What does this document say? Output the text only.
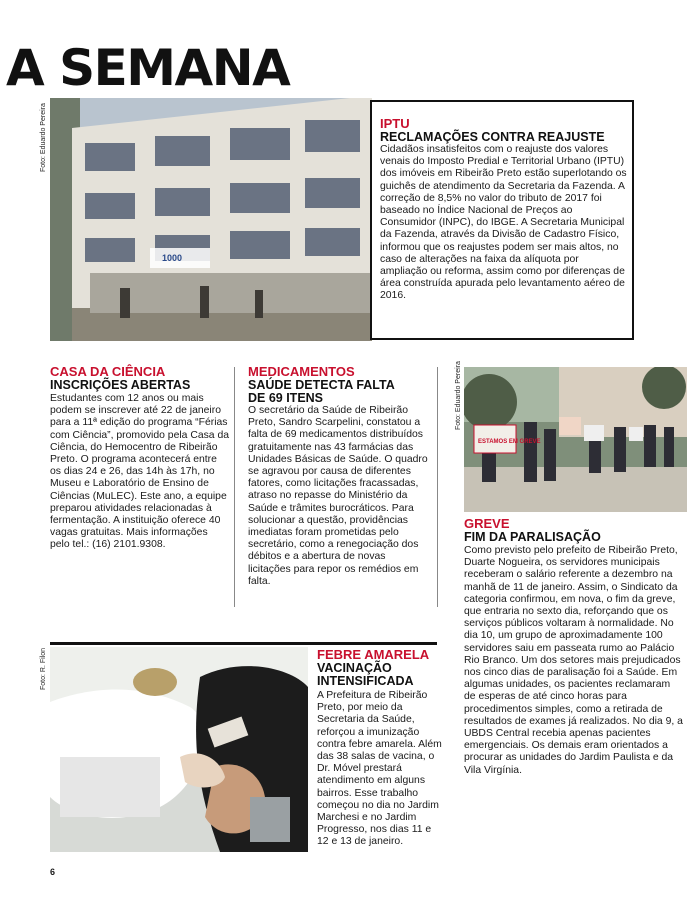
A SEMANA
Foto: Eduardo Pereira
1000
IPTU
RECLAMAÇÕES CONTRA REAJUSTE
Cidadãos insatisfeitos com o reajuste dos valores venais do Imposto Predial e Territorial Urbano (IPTU) dos imóveis em Ribeirão Preto estão superlotando os guichês de atendimento da Secretaria da Fazenda. A correção de 8,5% no valor do tributo de 2017 foi baseado no Índice Nacional de Preços ao Consumidor (INPC), do IBGE. A Secretaria Municipal da Fazenda, através da Divisão de Cadastro Físico, informou que os reajustes podem ser mais altos, no caso de alterações na faixa da alíquota por ampliação ou reforma, assim como por diferenças de área construída apurada pelo levantamento aéreo de 2016.
CASA DA CIÊNCIA
INSCRIÇÕES ABERTAS
Estudantes com 12 anos ou mais podem se inscrever até 22 de janeiro para a 11ª edição do programa “Férias com Ciência”, promovido pela Casa da Ciência, do Hemocentro de Ribeirão Preto. O programa acontecerá entre os dias 24 e 26, das 14h às 17h, no Museu e Laboratório de Ensino de Ciências (MuLEC). Este ano, a equipe preparou atividades relacionadas à fermentação. A instituição oferece 40 vagas gratuitas. Mais informações pelo tel.: (16) 2101.9308.
MEDICAMENTOS
SAÚDE DETECTA FALTA DE 69 ITENS
O secretário da Saúde de Ribeirão Preto, Sandro Scarpelini, constatou a falta de 69 medicamentos distribuídos gratuitamente nas 43 farmácias das Unidades Básicas de Saúde. O quadro se agravou por causa de diferentes fatores, como licitações fracassadas, atraso no repasse do Ministério da Saúde e trâmites burocráticos. Para solucionar a questão, providências imediatas foram prometidas pelo secretário, como a renegociação dos débitos e a abertura de novas licitações para repor os remédios em falta.
Foto: Eduardo Pereira
ESTAMOS EM GREVE
GREVE
FIM DA PARALISAÇÃO
Como previsto pelo prefeito de Ribeirão Preto, Duarte Nogueira, os servidores municipais receberam o salário referente a dezembro na manhã de 11 de janeiro. Assim, o Sindicato da categoria confirmou, em nova, o fim da greve, que entraria no sexto dia, reforçando que os serviços públicos voltaram à normalidade. No dia 10, um grupo de aproximadamente 100 servidores saiu em passeata rumo ao Palácio Rio Branco. Um dos setores mais prejudicados nos cinco dias de paralisação foi a Saúde. Em algumas unidades, os pacientes reclamaram de esperas de até cinco horas para procedimentos simples, como a retirada de resultados de exames já realizados. No dia 9, a UBDS Central recebia apenas pacientes emergenciais. Os demais eram orientados a procurar as unidades do Jardim Paulista e da Vila Virgínia.
Foto: R. Filon	FEBRE AMARELA
VACINAÇÃO INTENSIFICADA
A Prefeitura de Ribeirão Preto, por meio da Secretaria da Saúde, reforçou a imunização contra febre amarela. Além das 38 salas de vacina, o Dr. Móvel prestará atendimento em alguns bairros. Esse trabalho começou no dia no Jardim Marchesi e no Jardim Progresso, nos dias 11 e 12 e 13 de janeiro.
6
